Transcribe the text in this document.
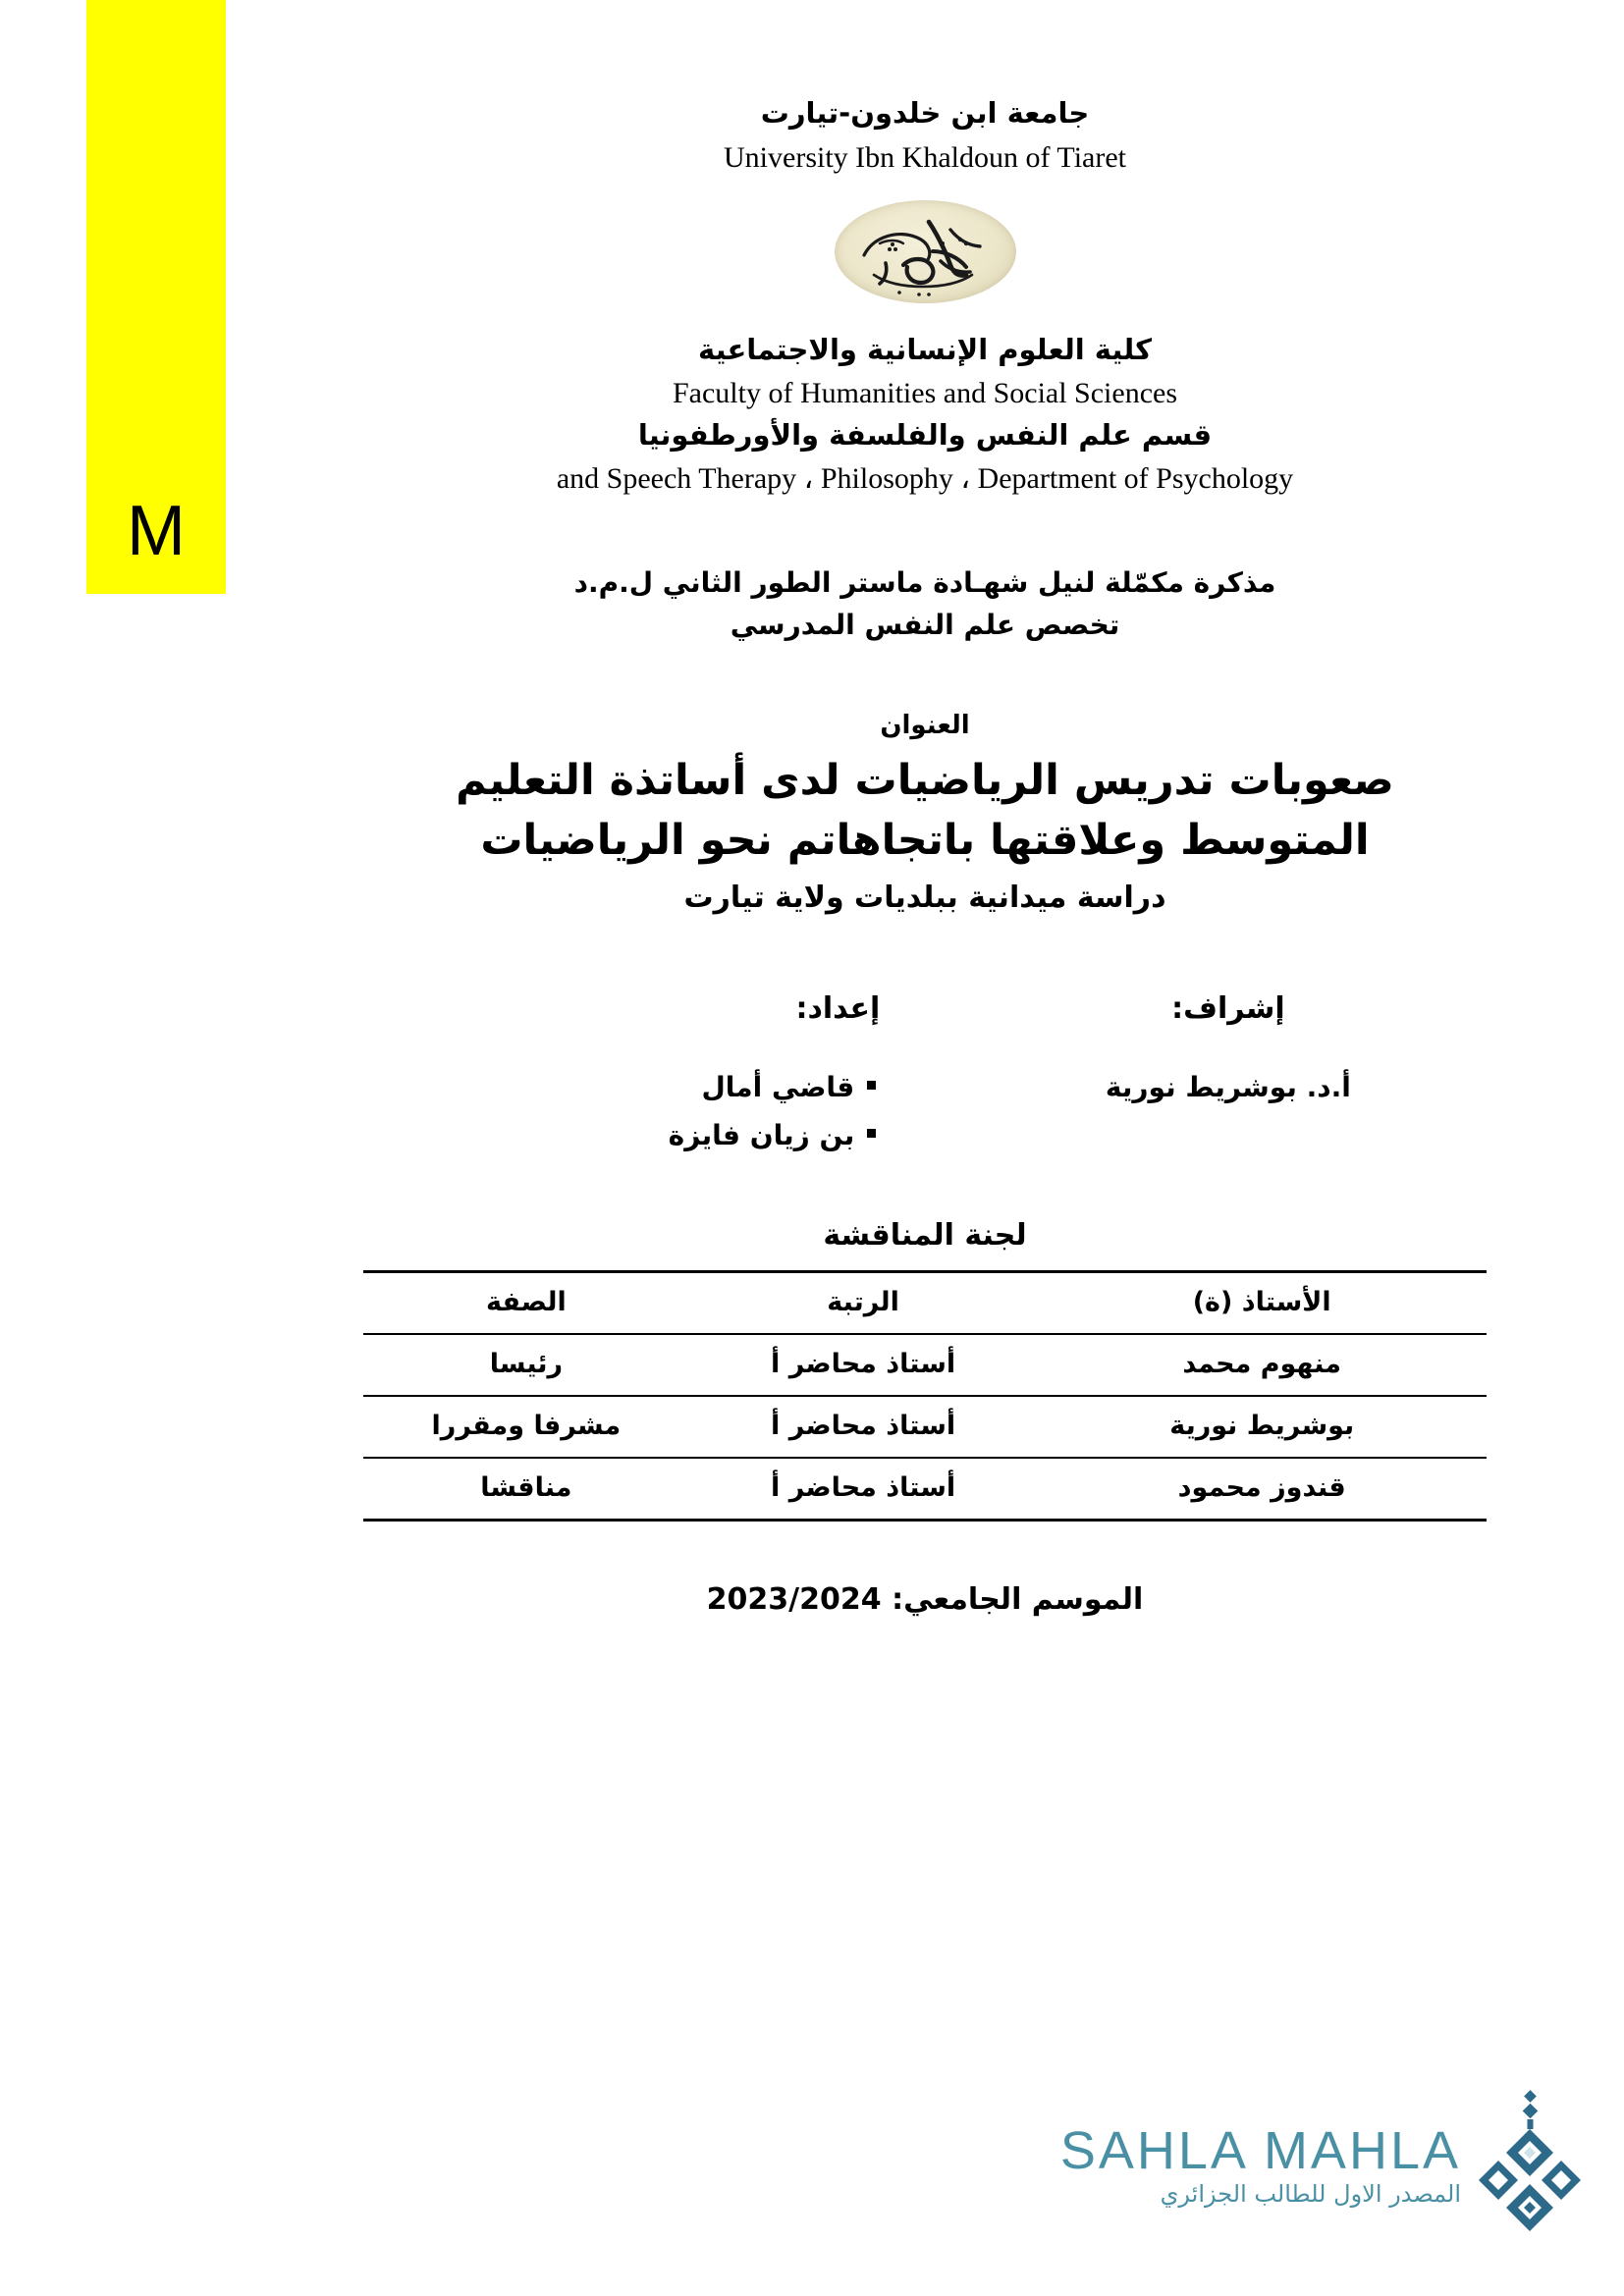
M
جامعة ابن خلدون-تيارت
University Ibn Khaldoun of Tiaret
كلية العلوم الإنسانية والاجتماعية
Faculty of Humanities and Social Sciences
قسم علم النفس والفلسفة والأورطفونيا
and Speech Therapy ، Philosophy ، Department of Psychology
مذكرة مكمّلة لنيل شهـادة ماستر الطور الثاني ل.م.د
تخصص علم النفس المدرسي
العنوان
صعوبات تدريس الرياضيات لدى أساتذة التعليم المتوسط وعلاقتها باتجاهاتم نحو الرياضيات
دراسة ميدانية ببلديات ولاية تيارت
إشراف:
أ.د. بوشريط نورية
إعداد:
قاضي أمال
بن زيان فايزة
لجنة المناقشة
الأستاذ (ة)	الرتبة	الصفة
منهوم محمد	أستاذ محاضر أ	رئيسا
بوشريط نورية	أستاذ محاضر أ	مشرفا ومقررا
قندوز محمود	أستاذ محاضر أ	مناقشا
الموسم الجامعي: 2023/2024
SAHLA MAHLA
المصدر الاول للطالب الجزائري
